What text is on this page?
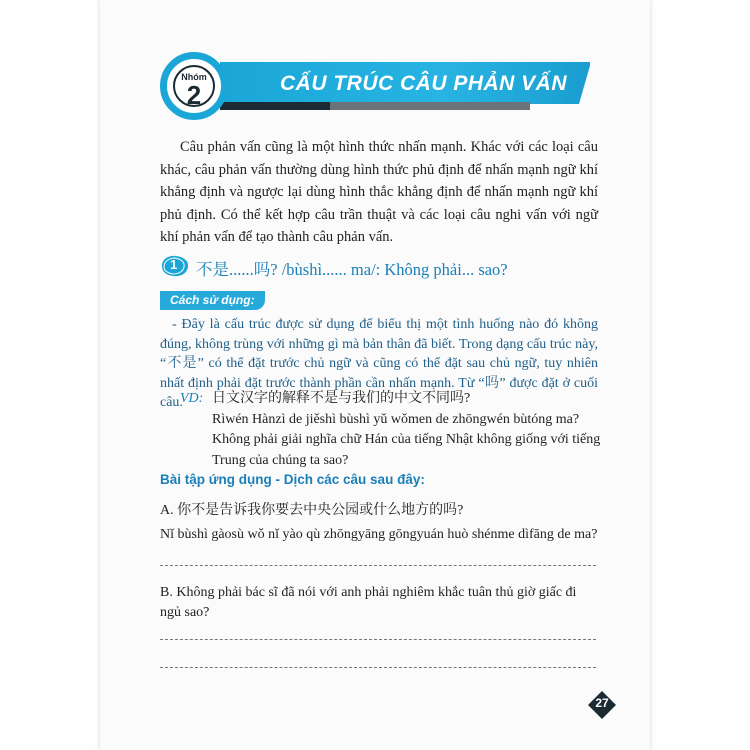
Nhóm
2	CẤU TRÚC CÂU PHẢN VẤN

Câu phản vấn cũng là một hình thức nhấn mạnh. Khác với các loại câu khác, câu phản vấn thường dùng hình thức phủ định để nhấn mạnh ngữ khí khẳng định và ngược lại dùng hình thắc khẳng định để nhấn mạnh ngữ khí phủ định. Có thể kết hợp câu trần thuật và các loại câu nghi vấn với ngữ khí phản vấn để tạo thành câu phản vấn.

1 不是......吗? /bùshì...... ma/: Không phải... sao?
Cách sử dụng:

- Đây là cấu trúc được sử dụng để biểu thị một tình huống nào đó không đúng, không trùng với những gì mà bản thân đã biết. Trong dạng cấu trúc này, “不是” có thể đặt trước chủ ngữ và cũng có thể đặt sau chủ ngữ, tuy nhiên nhất định phải đặt trước thành phần cần nhấn mạnh. Từ “吗” được đặt ở cuối câu.

VD: 日文汉字的解释不是与我们的中文不同吗?
Rìwén Hànzì de jiěshì bùshì yǔ wǒmen de zhōngwén bùtóng ma?
Không phải giải nghĩa chữ Hán của tiếng Nhật không giống với tiếng Trung của chúng ta sao?
Bài tập ứng dụng - Dịch các câu sau đây:
A. 你不是告诉我你要去中央公园或什么地方的吗?
Nǐ bùshì gàosù wǒ nǐ yào qù zhōngyāng gōngyuán huò shénme dìfāng de ma?
B. Không phải bác sĩ đã nói với anh phải nghiêm khắc tuân thủ giờ giấc đi ngủ sao?
27
